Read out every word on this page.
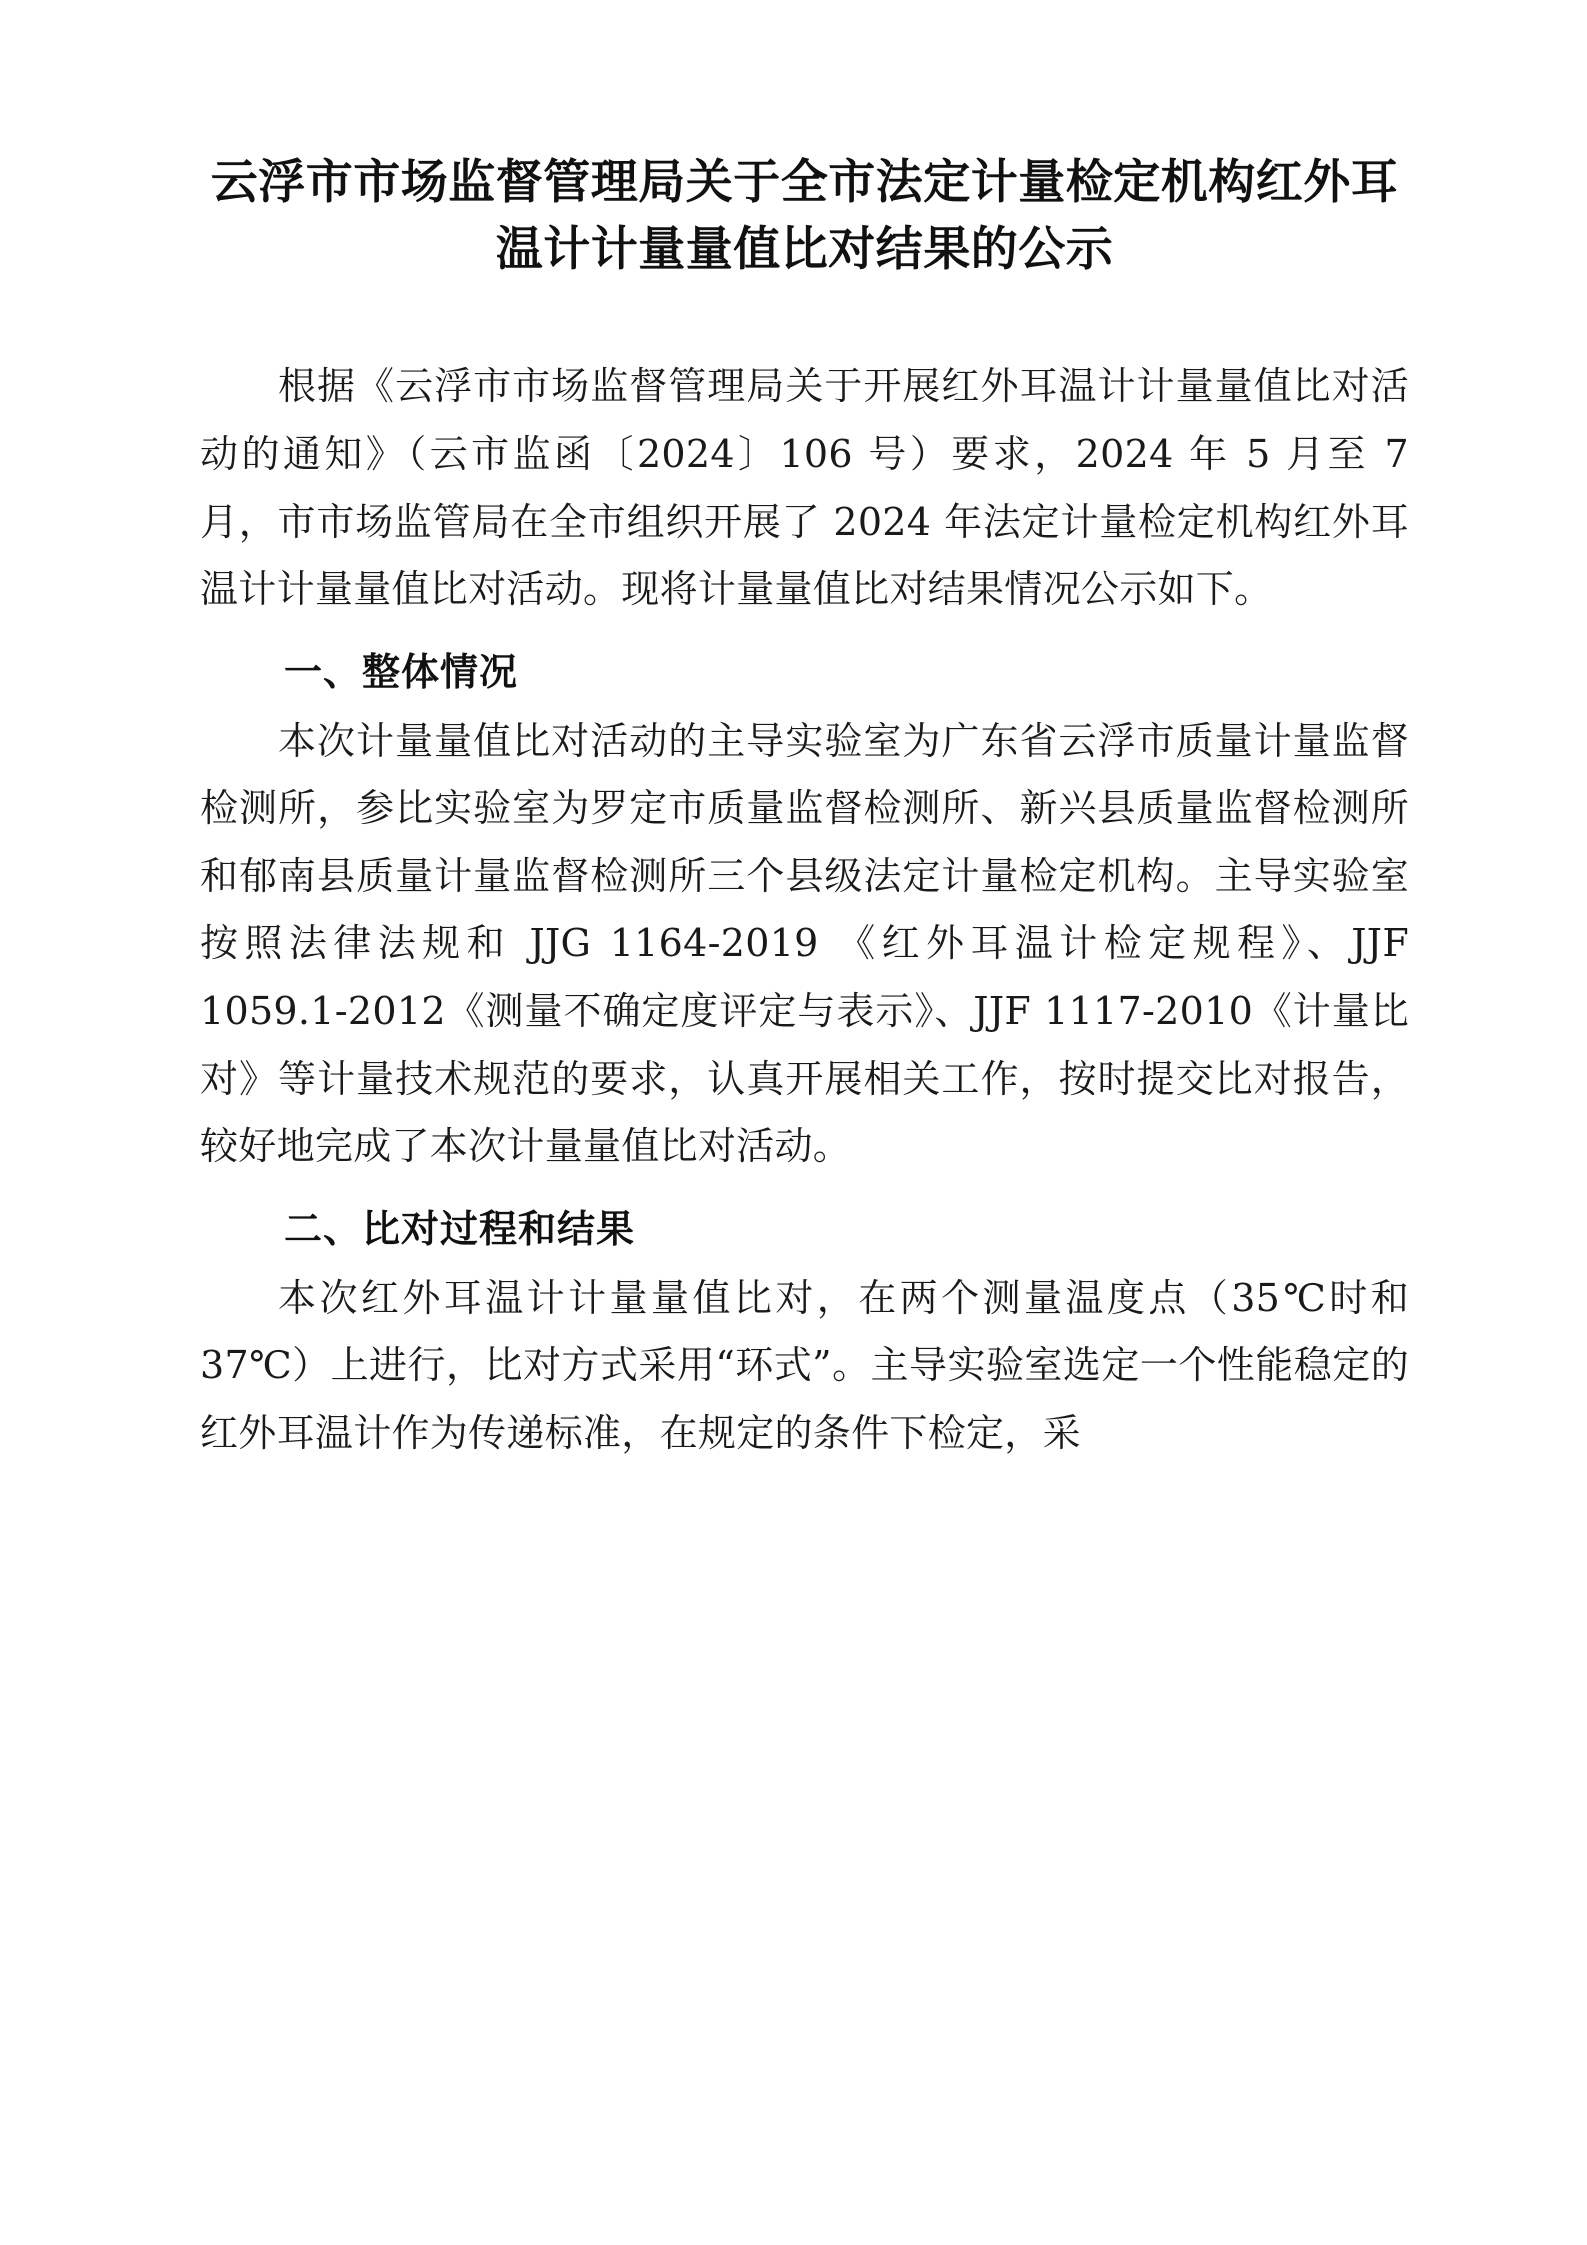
云浮市市场监督管理局关于全市法定计量检定机构红外耳温计计量量值比对结果的公示

根据《云浮市市场监督管理局关于开展红外耳温计计量量值比对活动的通知》（云市监函〔2024〕106 号）要求，2024 年 5 月至 7 月，市市场监管局在全市组织开展了 2024 年法定计量检定机构红外耳温计计量量值比对活动。现将计量量值比对结果情况公示如下。

一、整体情况

本次计量量值比对活动的主导实验室为广东省云浮市质量计量监督检测所，参比实验室为罗定市质量监督检测所、新兴县质量监督检测所和郁南县质量计量监督检测所三个县级法定计量检定机构。主导实验室按照法律法规和 JJG 1164-2019 《红外耳温计检定规程》、JJF 1059.1-2012《测量不确定度评定与表示》、JJF 1117-2010《计量比对》等计量技术规范的要求，认真开展相关工作，按时提交比对报告，较好地完成了本次计量量值比对活动。

二、比对过程和结果

本次红外耳温计计量量值比对，在两个测量温度点（35℃时和 37℃）上进行，比对方式采用“环式”。主导实验室选定一个性能稳定的红外耳温计作为传递标准，在规定的条件下检定，采
